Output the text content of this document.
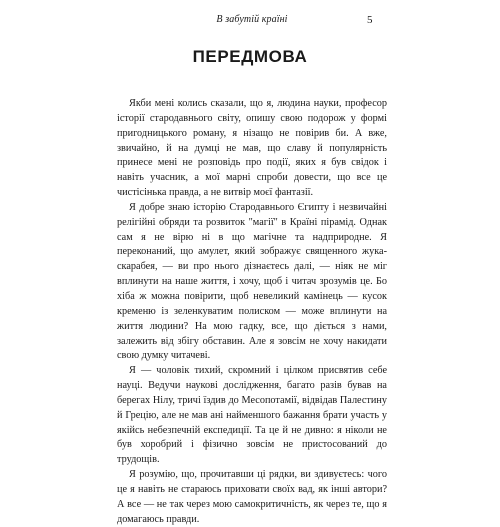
В забутій країні	5
ПЕРЕДМОВА

Якби мені колись сказали, що я, людина науки, професор історії стародавнього світу, опишу свою подорож у формі пригодницького роману, я нізащо не повірив би. А вже, звичайно, й на думці не мав, що славу й популярність принесе мені не розповідь про події, яких я був свідок і навіть учасник, а мої марні спроби довести, що все це чистісінька правда, а не витвір моєї фантазії.

Я добре знаю історію Стародавнього Єгипту і незвичайні релігійні обряди та розвиток "магії" в Країні пірамід. Однак сам я не вірю ні в що магічне та надприродне. Я переконаний, що амулет, який зображує священного жука-скарабея, — ви про нього дізнаєтесь далі, — ніяк не міг вплинути на наше життя, і хочу, щоб і читач зрозумів це. Бо хіба ж можна повірити, щоб невеликий камінець — кусок кременю із зеленкуватим полиском — може вплинути на життя людини? На мою гадку, все, що діється з нами, залежить від збігу обставин. Але я зовсім не хочу накидати свою думку читачеві.

Я — чоловік тихий, скромний і цілком присвятив себе науці. Ведучи наукові дослідження, багато разів бував на берегах Нілу, тричі їздив до Месопотамії, відвідав Палестину й Грецію, але не мав ані найменшого бажання брати участь у якійсь небезпечній експедиції. Та це й не дивно: я ніколи не був хоробрий і фізично зовсім не пристосований до трудощів.

Я розумію, що, прочитавши ці рядки, ви здивуєтесь: чого це я навіть не стараюсь приховати своїх вад, як інші автори? А все — не так через мою самокритичність, як через те, що я домагаюсь правди.
